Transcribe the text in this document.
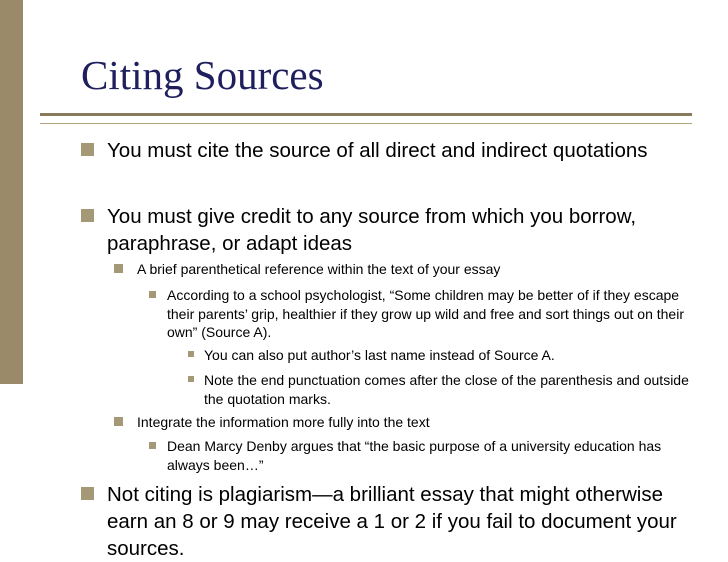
Citing Sources
You must cite the source of all direct and indirect quotations
You must give credit to any source from which you borrow, paraphrase, or adapt ideas
A brief parenthetical reference within the text of your essay
According to a school psychologist, “Some children may be better of if they escape their parents’ grip, healthier if they grow up wild and free and sort things out on their own” (Source A).
You can also put author’s last name instead of Source A.
Note the end punctuation comes after the close of the parenthesis and outside the quotation marks.
Integrate the information more fully into the text
Dean Marcy Denby argues that “the basic purpose of a university education has always been…”
Not citing is plagiarism—a brilliant essay that might otherwise earn an 8 or 9 may receive a 1 or 2 if you fail to document your sources.
